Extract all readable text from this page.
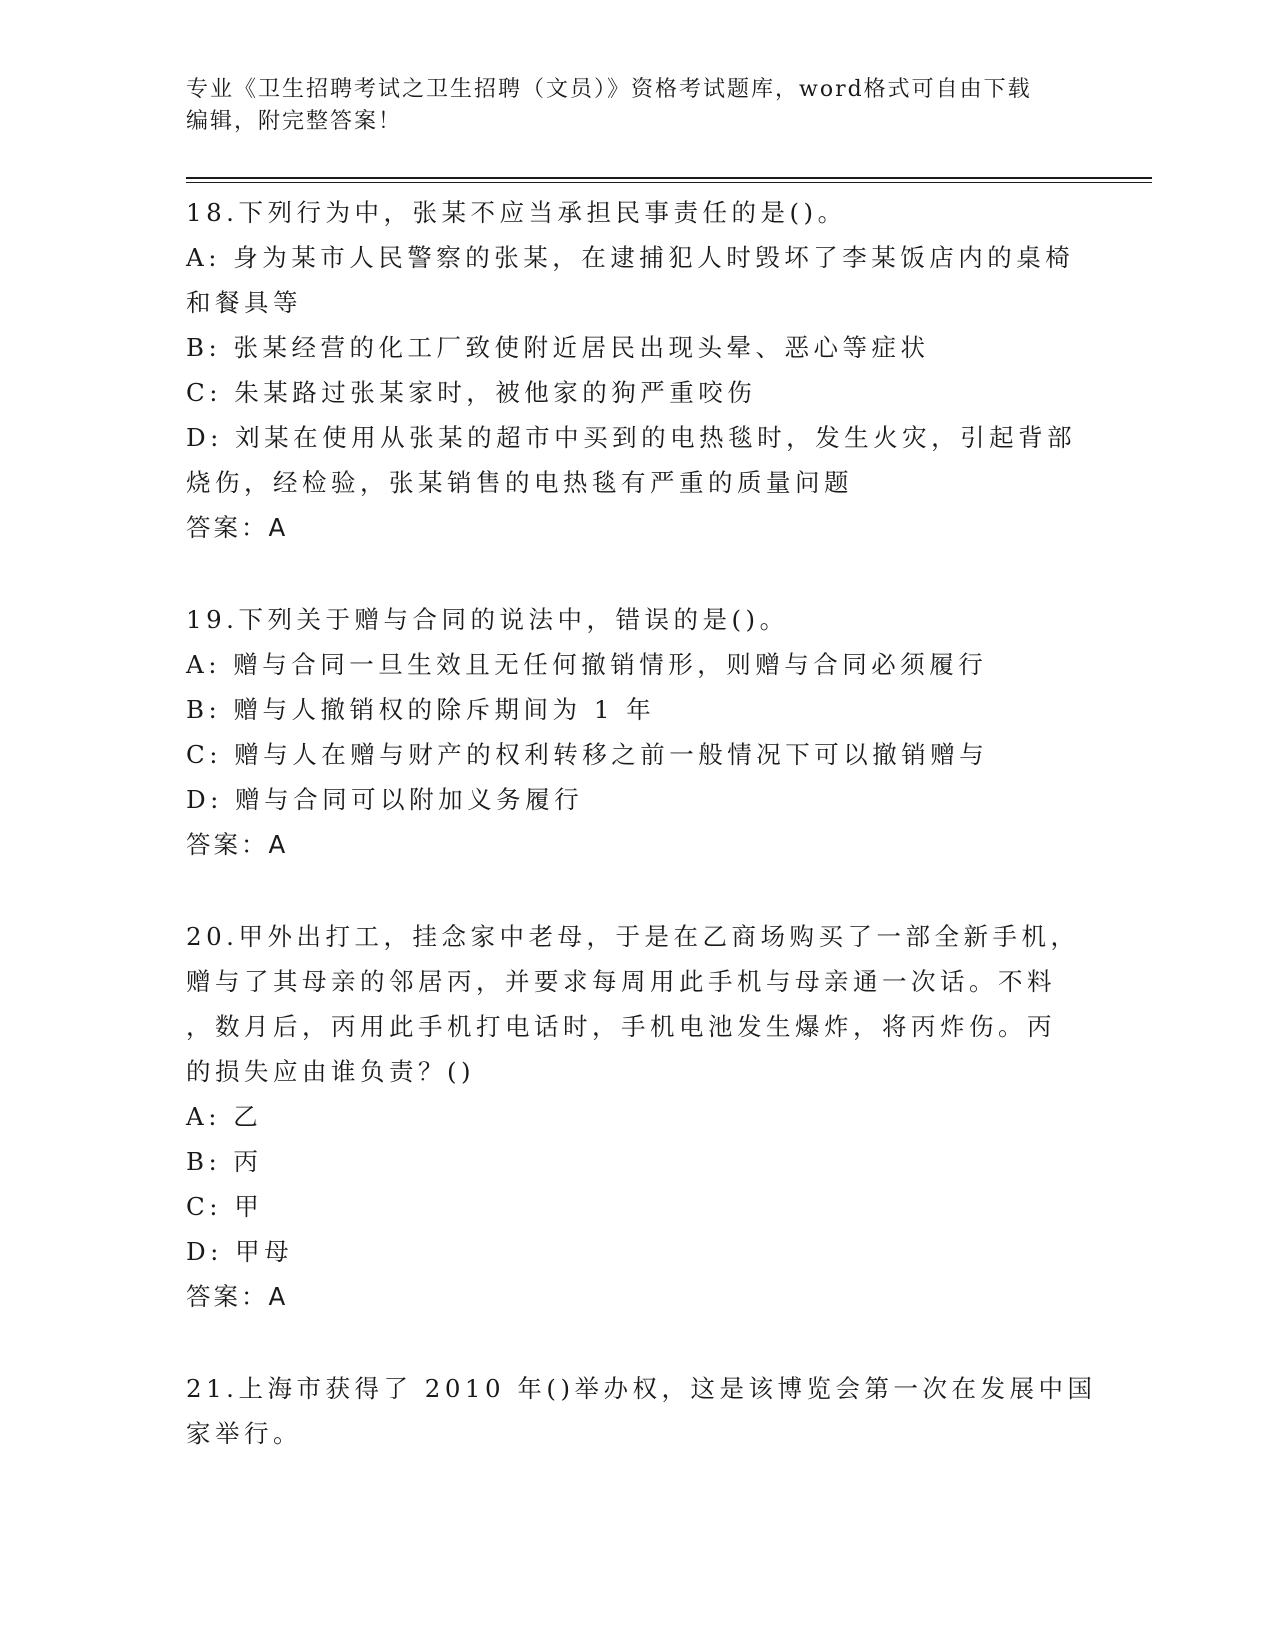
专业《卫生招聘考试之卫生招聘（文员）》资格考试题库，word格式可自由下载
编辑，附完整答案！
18.下列行为中，张某不应当承担民事责任的是()。
A: 身为某市人民警察的张某，在逮捕犯人时毁坏了李某饭店内的桌椅
和餐具等
B: 张某经营的化工厂致使附近居民出现头晕、恶心等症状
C: 朱某路过张某家时，被他家的狗严重咬伤
D: 刘某在使用从张某的超市中买到的电热毯时，发生火灾，引起背部
烧伤，经检验，张某销售的电热毯有严重的质量问题
答案：A
19.下列关于赠与合同的说法中，错误的是()。
A: 赠与合同一旦生效且无任何撤销情形，则赠与合同必须履行
B: 赠与人撤销权的除斥期间为 1 年
C: 赠与人在赠与财产的权利转移之前一般情况下可以撤销赠与
D: 赠与合同可以附加义务履行
答案：A
20.甲外出打工，挂念家中老母，于是在乙商场购买了一部全新手机，
赠与了其母亲的邻居丙，并要求每周用此手机与母亲通一次话。不料
，数月后，丙用此手机打电话时，手机电池发生爆炸，将丙炸伤。丙
的损失应由谁负责？()
A: 乙
B: 丙
C: 甲
D: 甲母
答案：A
21.上海市获得了 2010 年()举办权，这是该博览会第一次在发展中国
家举行。
